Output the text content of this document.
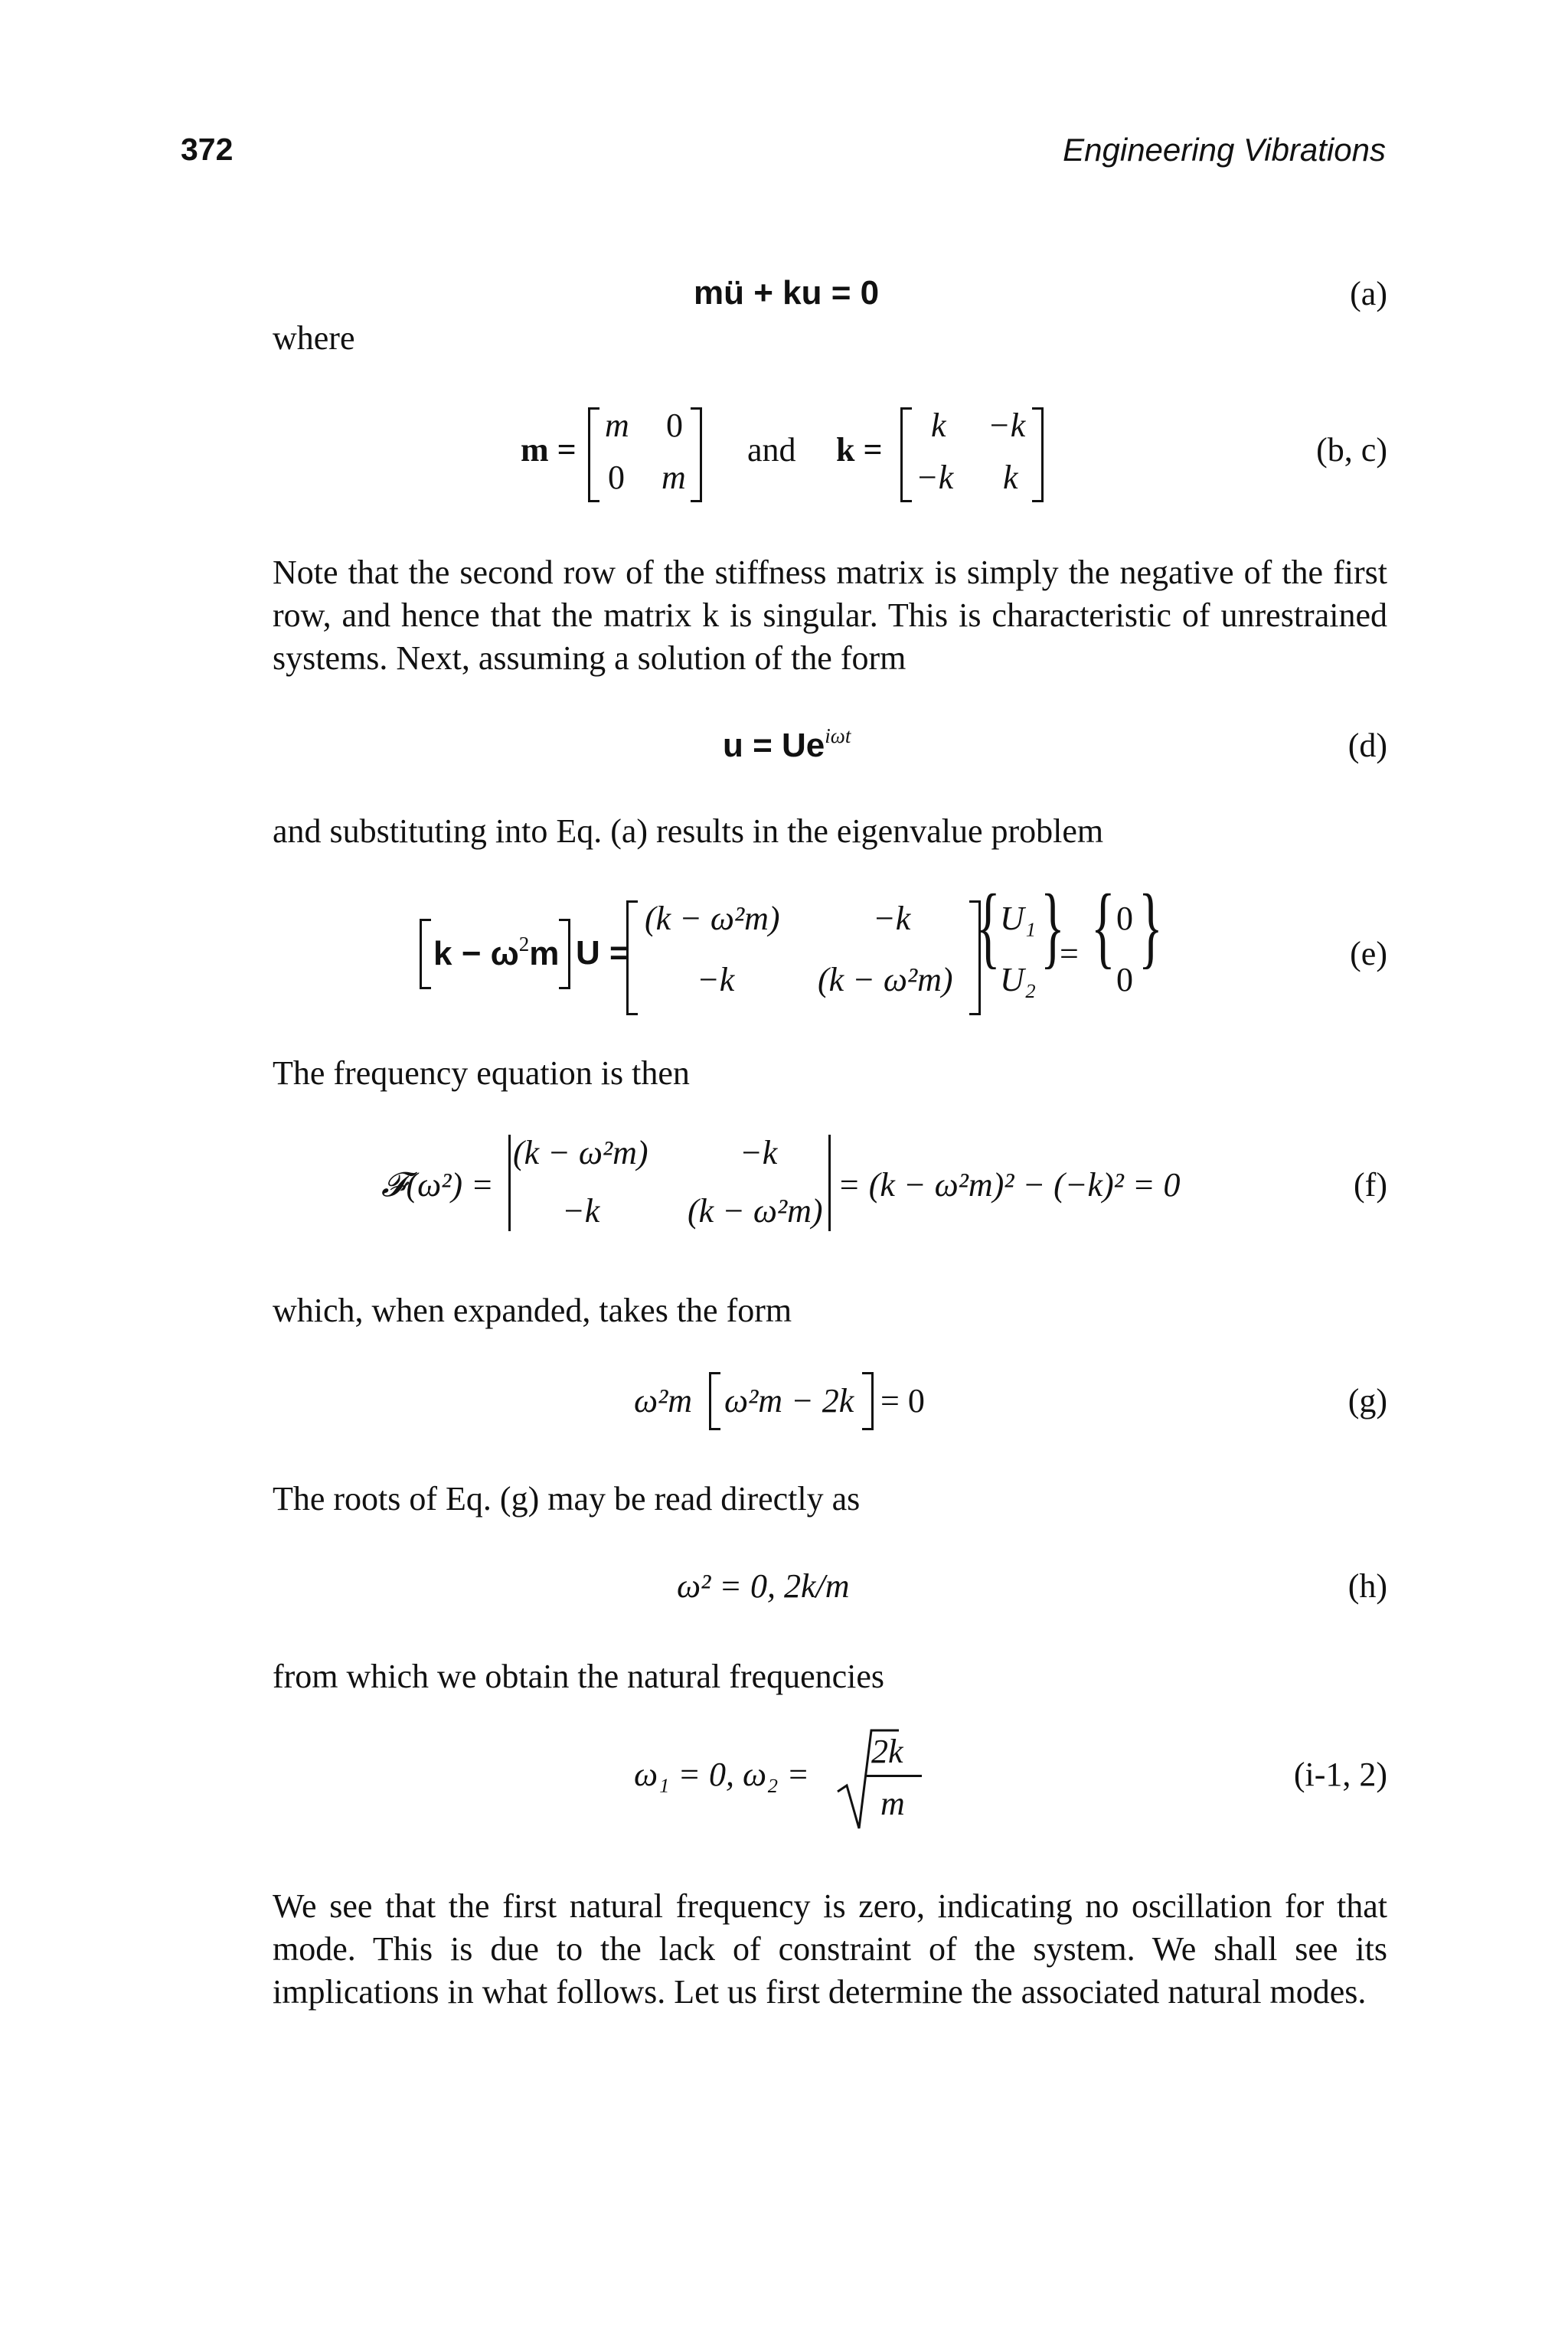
372	Engineering Vibrations
mü + ku = 0	(a)
where
m =
m 0
0 m
and k =
k −k
−k k
(b, c)

Note that the second row of the stiffness matrix is simply the negative of the first row, and hence that the matrix k is singular. This is characteristic of unrestrained systems. Next, assuming a solution of the form

$u = Ue^{i\omega t}$	(d)

and substituting into Eq. (a) results in the eigenvalue problem

$k - \omega^2m$ U =
(k − ω²m)	−k
−k (k − ω²m)
{ U₁
U₂
}
= { 0
0
}	(e)

The frequency equation is then

𝓕(ω²) =
(k − ω²m)	−k
−k	(k − ω²m)
= (k − ω²m)² − (−k)² = 0	(f)

which, when expanded, takes the form

ω²m ω²m − 2k = 0	(g)

The roots of Eq. (g) may be read directly as

ω² = 0, 2k/m	(h)

from which we obtain the natural frequencies

ω₁ = 0, ω₂ =
2k
m
(i-1, 2)

We see that the first natural frequency is zero, indicating no oscillation for that mode. This is due to the lack of constraint of the system. We shall see its implications in what follows. Let us first determine the associated natural modes.
